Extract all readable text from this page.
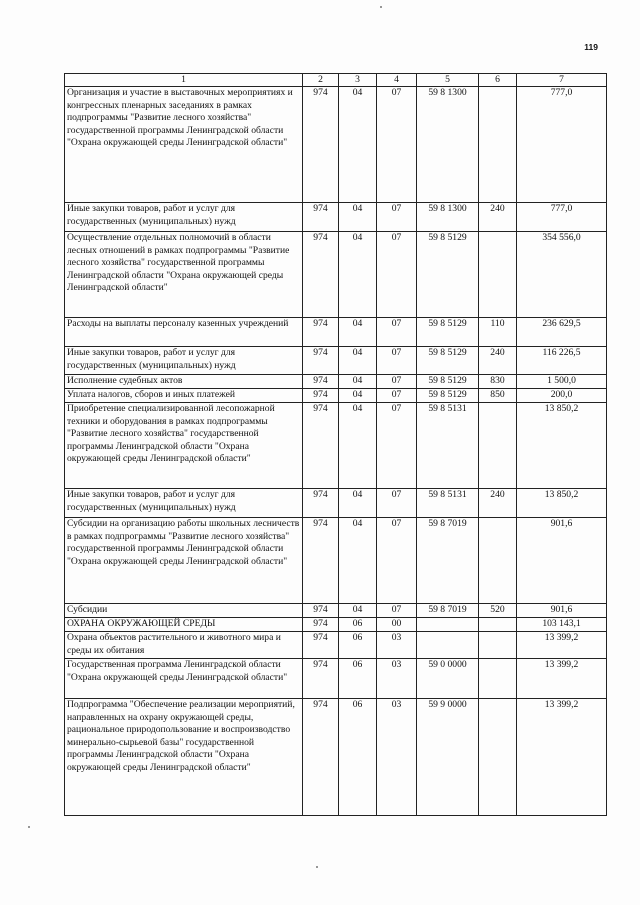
119
1	2	3	4	5	6	7
Организация и участие в выставочных мероприятиях и конгрессных пленарных заседаниях в рамках подпрограммы "Развитие лесного хозяйства" государственной программы Ленинградской области "Охрана окружающей среды Ленинградской области"	974	04	07	59 8 1300		777,0
Иные закупки товаров, работ и услуг для государственных (муниципальных) нужд	974	04	07	59 8 1300	240	777,0
Осуществление отдельных полномочий в области лесных отношений в рамках подпрограммы "Развитие лесного хозяйства" государственной программы Ленинградской области "Охрана окружающей среды Ленинградской области"	974	04	07	59 8 5129		354 556,0
Расходы на выплаты персоналу казенных учреждений	974	04	07	59 8 5129	110	236 629,5
Иные закупки товаров, работ и услуг для государственных (муниципальных) нужд	974	04	07	59 8 5129	240	116 226,5
Исполнение судебных актов	974	04	07	59 8 5129	830	1 500,0
Уплата налогов, сборов и иных платежей	974	04	07	59 8 5129	850	200,0
Приобретение специализированной лесопожарной техники и оборудования в рамках подпрограммы "Развитие лесного хозяйства" государственной программы Ленинградской области "Охрана окружающей среды Ленинградской области"	974	04	07	59 8 5131		13 850,2
Иные закупки товаров, работ и услуг для государственных (муниципальных) нужд	974	04	07	59 8 5131	240	13 850,2
Субсидии на организацию работы школьных лесничеств в рамках подпрограммы "Развитие лесного хозяйства" государственной программы Ленинградской области "Охрана окружающей среды Ленинградской области"	974	04	07	59 8 7019		901,6
Субсидии	974	04	07	59 8 7019	520	901,6
ОХРАНА ОКРУЖАЮЩЕЙ СРЕДЫ	974	06	00			103 143,1
Охрана объектов растительного и животного мира и среды их обитания	974	06	03			13 399,2
Государственная программа Ленинградской области "Охрана окружающей среды Ленинградской области"	974	06	03	59 0 0000		13 399,2
Подпрограмма "Обеспечение реализации мероприятий, направленных на охрану окружающей среды, рациональное природопользование и воспроизводство минерально-сырьевой базы" государственной программы Ленинградской области "Охрана окружающей среды Ленинградской области"	974	06	03	59 9 0000		13 399,2
